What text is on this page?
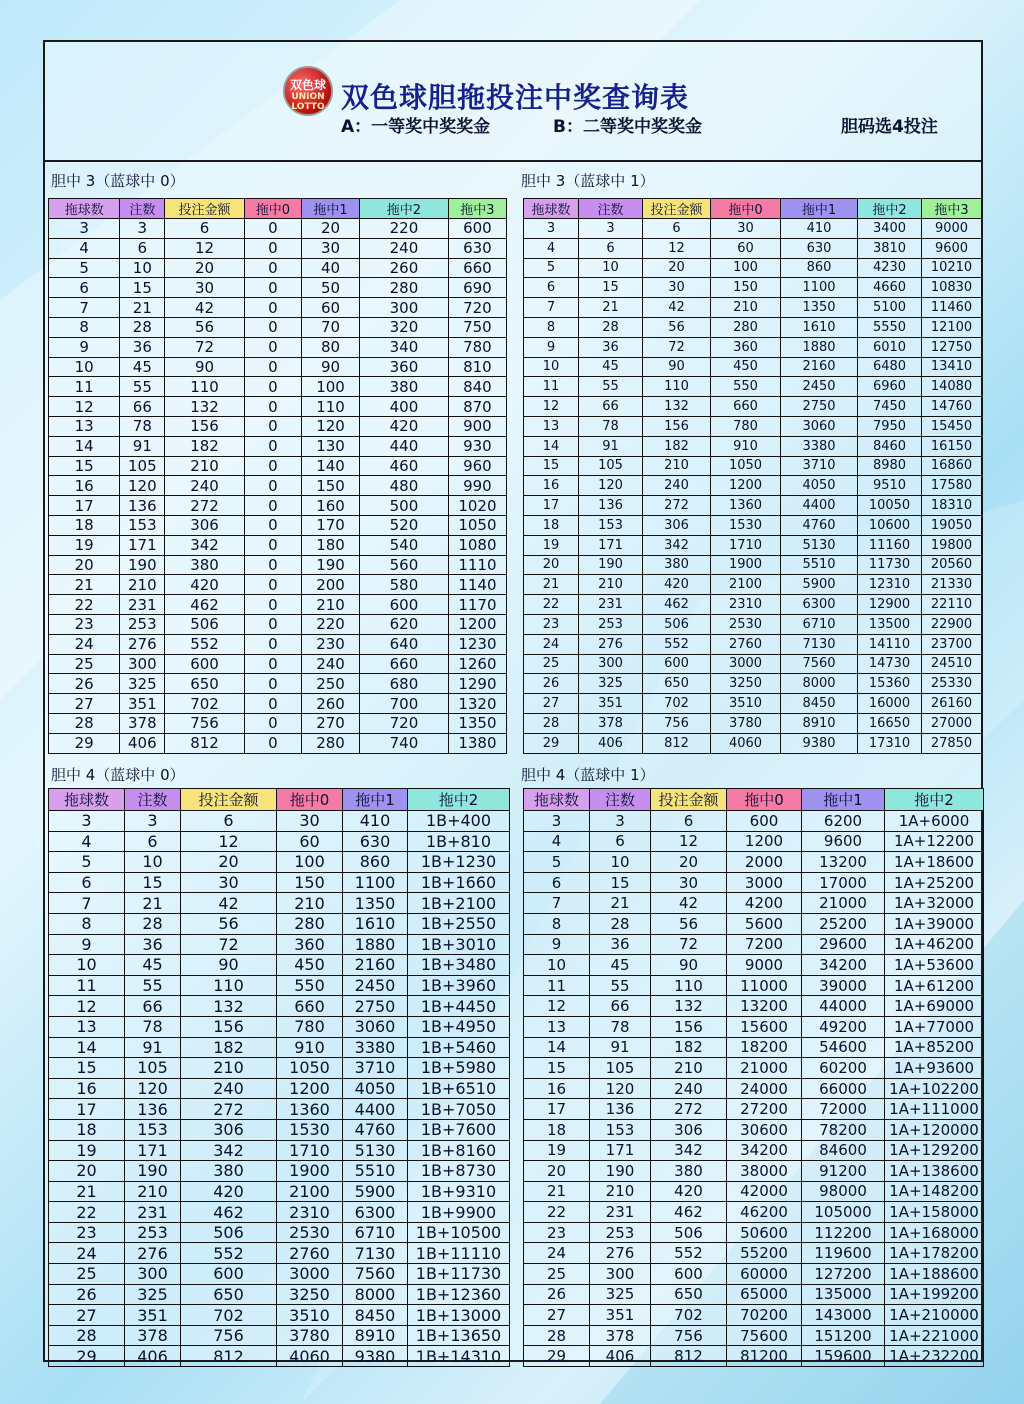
双色球
UNION LOTTO 双色球胆拖投注中奖查询表
A：一等奖中奖奖金	B：二等奖中奖奖金	胆码选4投注
胆中 3（蓝球中 0）
拖球数	注数	投注金额	拖中0	拖中1	拖中2	拖中3
3	3	6	0	20	220	600
4	6	12	0	30	240	630
5	10	20	0	40	260	660
6	15	30	0	50	280	690
7	21	42	0	60	300	720
8	28	56	0	70	320	750
9	36	72	0	80	340	780
10	45	90	0	90	360	810
11	55	110	0	100	380	840
12	66	132	0	110	400	870
13	78	156	0	120	420	900
14	91	182	0	130	440	930
15	105	210	0	140	460	960
16	120	240	0	150	480	990
17	136	272	0	160	500	1020
18	153	306	0	170	520	1050
19	171	342	0	180	540	1080
20	190	380	0	190	560	1110
21	210	420	0	200	580	1140
22	231	462	0	210	600	1170
23	253	506	0	220	620	1200
24	276	552	0	230	640	1230
25	300	600	0	240	660	1260
26	325	650	0	250	680	1290
27	351	702	0	260	700	1320
28	378	756	0	270	720	1350
29	406	812	0	280	740	1380
胆中 3（蓝球中 1）
拖球数	注数	投注金额	拖中0	拖中1	拖中2	拖中3
3	3	6	30	410	3400	9000
4	6	12	60	630	3810	9600
5	10	20	100	860	4230	10210
6	15	30	150	1100	4660	10830
7	21	42	210	1350	5100	11460
8	28	56	280	1610	5550	12100
9	36	72	360	1880	6010	12750
10	45	90	450	2160	6480	13410
11	55	110	550	2450	6960	14080
12	66	132	660	2750	7450	14760
13	78	156	780	3060	7950	15450
14	91	182	910	3380	8460	16150
15	105	210	1050	3710	8980	16860
16	120	240	1200	4050	9510	17580
17	136	272	1360	4400	10050	18310
18	153	306	1530	4760	10600	19050
19	171	342	1710	5130	11160	19800
20	190	380	1900	5510	11730	20560
21	210	420	2100	5900	12310	21330
22	231	462	2310	6300	12900	22110
23	253	506	2530	6710	13500	22900
24	276	552	2760	7130	14110	23700
25	300	600	3000	7560	14730	24510
26	325	650	3250	8000	15360	25330
27	351	702	3510	8450	16000	26160
28	378	756	3780	8910	16650	27000
29	406	812	4060	9380	17310	27850
胆中 4（蓝球中 0）
拖球数	注数	投注金额	拖中0	拖中1	拖中2
3	3	6	30	410	1B+400
4	6	12	60	630	1B+810
5	10	20	100	860	1B+1230
6	15	30	150	1100	1B+1660
7	21	42	210	1350	1B+2100
8	28	56	280	1610	1B+2550
9	36	72	360	1880	1B+3010
10	45	90	450	2160	1B+3480
11	55	110	550	2450	1B+3960
12	66	132	660	2750	1B+4450
13	78	156	780	3060	1B+4950
14	91	182	910	3380	1B+5460
15	105	210	1050	3710	1B+5980
16	120	240	1200	4050	1B+6510
17	136	272	1360	4400	1B+7050
18	153	306	1530	4760	1B+7600
19	171	342	1710	5130	1B+8160
20	190	380	1900	5510	1B+8730
21	210	420	2100	5900	1B+9310
22	231	462	2310	6300	1B+9900
23	253	506	2530	6710	1B+10500
24	276	552	2760	7130	1B+11110
25	300	600	3000	7560	1B+11730
26	325	650	3250	8000	1B+12360
27	351	702	3510	8450	1B+13000
28	378	756	3780	8910	1B+13650
29	406	812	4060	9380	1B+14310
胆中 4（蓝球中 1）
拖球数	注数	投注金额	拖中0	拖中1	拖中2
3	3	6	600	6200	1A+6000
4	6	12	1200	9600	1A+12200
5	10	20	2000	13200	1A+18600
6	15	30	3000	17000	1A+25200
7	21	42	4200	21000	1A+32000
8	28	56	5600	25200	1A+39000
9	36	72	7200	29600	1A+46200
10	45	90	9000	34200	1A+53600
11	55	110	11000	39000	1A+61200
12	66	132	13200	44000	1A+69000
13	78	156	15600	49200	1A+77000
14	91	182	18200	54600	1A+85200
15	105	210	21000	60200	1A+93600
16	120	240	24000	66000	1A+102200
17	136	272	27200	72000	1A+111000
18	153	306	30600	78200	1A+120000
19	171	342	34200	84600	1A+129200
20	190	380	38000	91200	1A+138600
21	210	420	42000	98000	1A+148200
22	231	462	46200	105000	1A+158000
23	253	506	50600	112200	1A+168000
24	276	552	55200	119600	1A+178200
25	300	600	60000	127200	1A+188600
26	325	650	65000	135000	1A+199200
27	351	702	70200	143000	1A+210000
28	378	756	75600	151200	1A+221000
29	406	812	81200	159600	1A+232200
